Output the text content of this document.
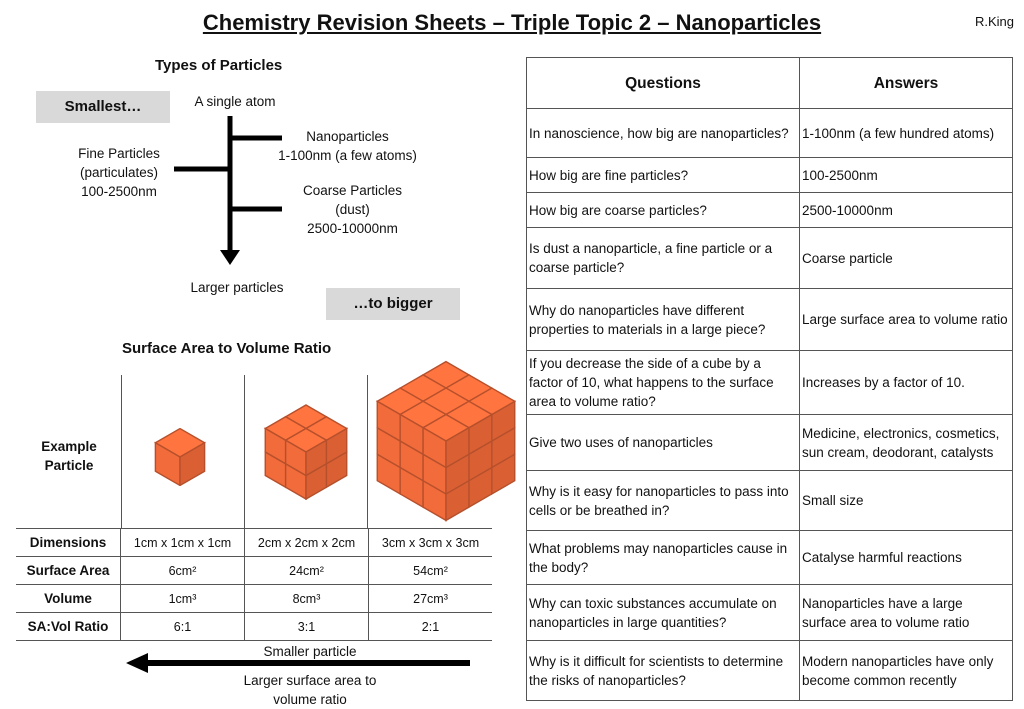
Chemistry Revision Sheets – Triple Topic 2 – Nanoparticles	R.King
Types of Particles
Smallest…	A single atom
Nanoparticles
1-100nm (a few atoms)
Fine Particles
(particulates)
100-2500nm	Coarse Particles
(dust)
2500-10000nm
Larger particles
…to bigger
Surface Area to Volume Ratio
Example
Particle
Dimensions	1cm x 1cm x 1cm	2cm x 2cm x 2cm	3cm x 3cm x 3cm
Surface Area	6cm²	24cm²	54cm²
Volume	1cm³	8cm³	27cm³
SA:Vol Ratio	6:1	3:1	2:1
Smaller particle
Larger surface area to
volume ratio
Questions	Answers
In nanoscience, how big are nanoparticles?	1-100nm (a few hundred atoms)
How big are fine particles?	100-2500nm
How big are coarse particles?	2500-10000nm
Is dust a nanoparticle, a fine particle or a coarse particle?	Coarse particle
Why do nanoparticles have different properties to materials in a large piece?	Large surface area to volume ratio
If you decrease the side of a cube by a factor of 10, what happens to the surface area to volume ratio?	Increases by a factor of 10.
Give two uses of nanoparticles	Medicine, electronics, cosmetics, sun cream, deodorant, catalysts
Why is it easy for nanoparticles to pass into cells or be breathed in?	Small size
What problems may nanoparticles cause in the body?	Catalyse harmful reactions
Why can toxic substances accumulate on nanoparticles in large quantities?	Nanoparticles have a large surface area to volume ratio
Why is it difficult for scientists to determine the risks of nanoparticles?	Modern nanoparticles have only become common recently
